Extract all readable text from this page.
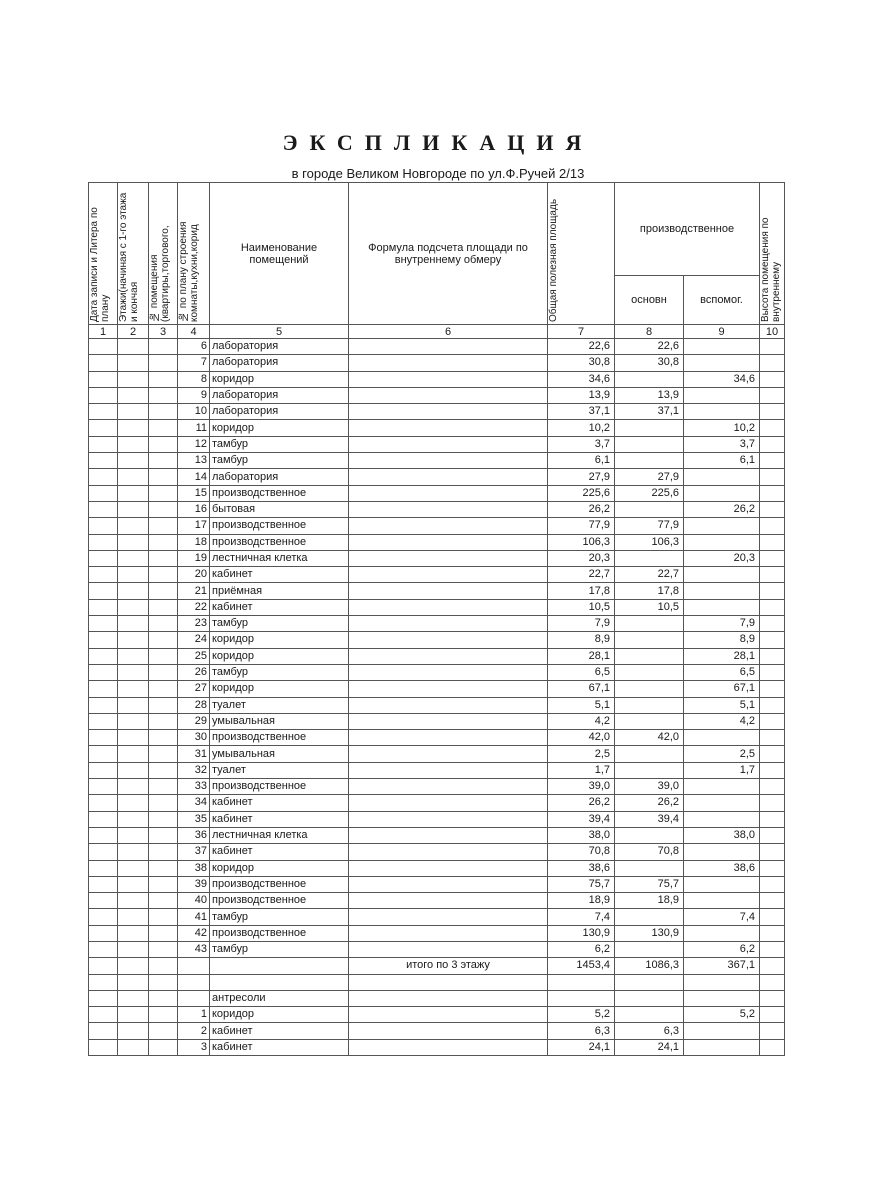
ЭКСПЛИКАЦИЯ
в городе Великом Новгороде по ул.Ф.Ручей 2/13
Дата записи и Литера по плану	Этажи(начиная с 1-го этажа и кончая	№ помещения (квартиры,торгового,	№ по плану строения комнаты,кухни,корид	Наименование помещений	Формула подсчета площади по внутреннему обмеру	Общая полезная площадь	производственное		Высота помещения по внутреннему

							основн	вспомог.	
1	2	3	4	5	6	7	8	9	10
			6	лаборатория		22,6	22,6		
			7	лаборатория		30,8	30,8		
			8	коридор		34,6		34,6	
			9	лаборатория		13,9	13,9		
			10	лаборатория		37,1	37,1		
			11	коридор		10,2		10,2	
			12	тамбур		3,7		3,7	
			13	тамбур		6,1		6,1	
			14	лаборатория		27,9	27,9		
			15	производственное		225,6	225,6		
			16	бытовая		26,2		26,2	
			17	производственное		77,9	77,9		
			18	производственное		106,3	106,3		
			19	лестничная клетка		20,3		20,3	
			20	кабинет		22,7	22,7		
			21	приёмная		17,8	17,8		
			22	кабинет		10,5	10,5		
			23	тамбур		7,9		7,9	
			24	коридор		8,9		8,9	
			25	коридор		28,1		28,1	
			26	тамбур		6,5		6,5	
			27	коридор		67,1		67,1	
			28	туалет		5,1		5,1	
			29	умывальная		4,2		4,2	
			30	производственное		42,0	42,0		
			31	умывальная		2,5		2,5	
			32	туалет		1,7		1,7	
			33	производственное		39,0	39,0		
			34	кабинет		26,2	26,2		
			35	кабинет		39,4	39,4		
			36	лестничная клетка		38,0		38,0	
			37	кабинет		70,8	70,8		
			38	коридор		38,6		38,6	
			39	производственное		75,7	75,7		
			40	производственное		18,9	18,9		
			41	тамбур		7,4		7,4	
			42	производственное		130,9	130,9		
			43	тамбур		6,2		6,2	
					итого по 3 этажу	1453,4	1086,3	367,1	

				антресоли					
			1	коридор		5,2		5,2	
			2	кабинет		6,3	6,3		
			3	кабинет		24,1	24,1		
